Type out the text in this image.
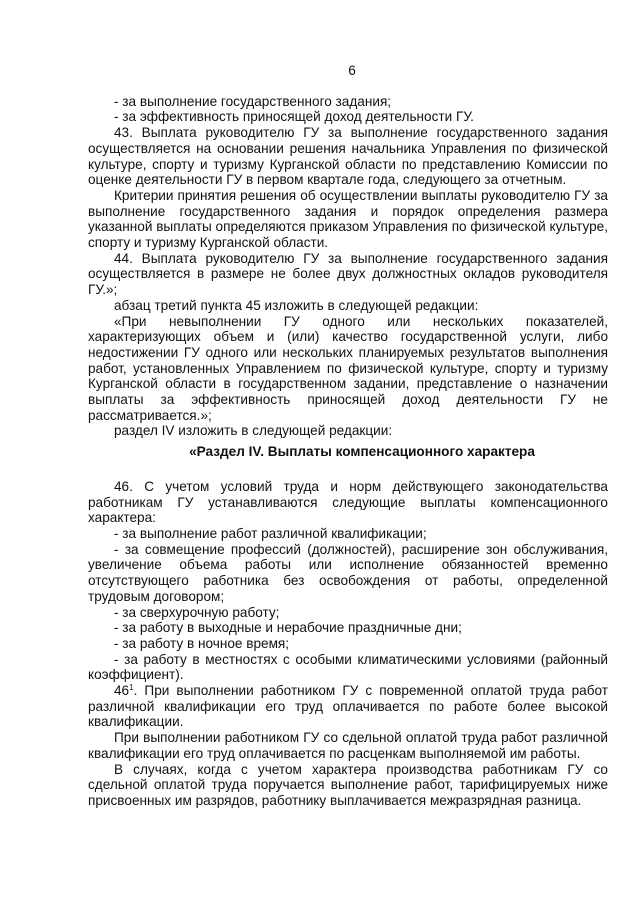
6

- за выполнение государственного задания;

- за эффективность приносящей доход деятельности ГУ.

43. Выплата руководителю ГУ за выполнение государственного задания осуществляется на основании решения начальника Управления по физической культуре, спорту и туризму Курганской области по представлению Комиссии по оценке деятельности ГУ в первом квартале года, следующего за отчетным.

Критерии принятия решения об осуществлении выплаты руководителю ГУ за выполнение государственного задания и порядок определения размера указанной выплаты определяются приказом Управления по физической культуре, спорту и туризму Курганской области.

44. Выплата руководителю ГУ за выполнение государственного задания осуществляется в размере не более двух должностных окладов руководителя ГУ.»;

абзац третий пункта 45 изложить в следующей редакции:

«При невыполнении ГУ одного или нескольких показателей, характеризующих объем и (или) качество государственной услуги, либо недостижении ГУ одного или нескольких планируемых результатов выполнения работ, установленных Управлением по физической культуре, спорту и туризму Курганской области в государственном задании, представление о назначении выплаты за эффективность приносящей доход деятельности ГУ не рассматривается.»;

раздел IV изложить в следующей редакции:

«Раздел IV. Выплаты компенсационного характера

46. С учетом условий труда и норм действующего законодательства работникам ГУ устанавливаются следующие выплаты компенсационного характера:

- за выполнение работ различной квалификации;

- за совмещение профессий (должностей), расширение зон обслуживания, увеличение объема работы или исполнение обязанностей временно отсутствующего работника без освобождения от работы, определенной трудовым договором;

- за сверхурочную работу;

- за работу в выходные и нерабочие праздничные дни;

- за работу в ночное время;

- за работу в местностях с особыми климатическими условиями (районный коэффициент).

$46^1$. При выполнении работником ГУ с повременной оплатой труда работ различной квалификации его труд оплачивается по работе более высокой квалификации.

При выполнении работником ГУ со сдельной оплатой труда работ различной квалификации его труд оплачивается по расценкам выполняемой им работы.

В случаях, когда с учетом характера производства работникам ГУ со сдельной оплатой труда поручается выполнение работ, тарифицируемых ниже присвоенных им разрядов, работнику выплачивается межразрядная разница.
